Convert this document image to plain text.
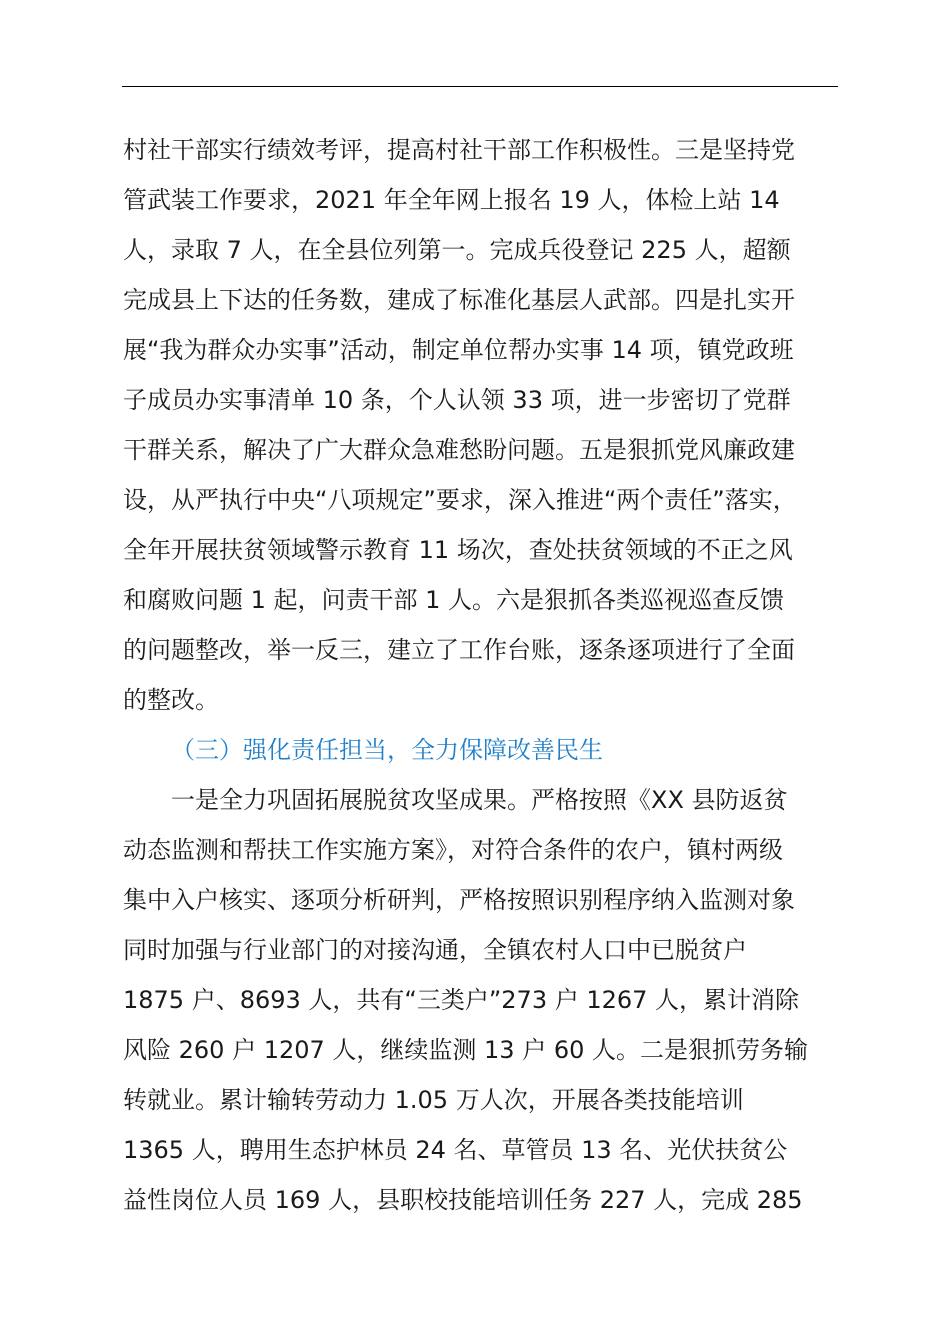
村社干部实行绩效考评，提高村社干部工作积极性。三是坚持党
管武装工作要求，2021 年全年网上报名 19 人，体检上站 14
人，录取 7 人，在全县位列第一。完成兵役登记 225 人，超额
完成县上下达的任务数，建成了标准化基层人武部。四是扎实开
展“我为群众办实事”活动，制定单位帮办实事 14 项，镇党政班
子成员办实事清单 10 条，个人认领 33 项，进一步密切了党群
干群关系，解决了广大群众急难愁盼问题。五是狠抓党风廉政建
设，从严执行中央“八项规定”要求，深入推进“两个责任”落实，
全年开展扶贫领域警示教育 11 场次，查处扶贫领域的不正之风
和腐败问题 1 起，问责干部 1 人。六是狠抓各类巡视巡查反馈
的问题整改，举一反三，建立了工作台账，逐条逐项进行了全面
的整改。
（三）强化责任担当，全力保障改善民生
一是全力巩固拓展脱贫攻坚成果。严格按照《XX 县防返贫
动态监测和帮扶工作实施方案》，对符合条件的农户，镇村两级
集中入户核实、逐项分析研判，严格按照识别程序纳入监测对象
同时加强与行业部门的对接沟通，全镇农村人口中已脱贫户
1875 户、8693 人，共有“三类户”273 户 1267 人，累计消除
风险 260 户 1207 人，继续监测 13 户 60 人。二是狠抓劳务输
转就业。累计输转劳动力 1.05 万人次，开展各类技能培训
1365 人，聘用生态护林员 24 名、草管员 13 名、光伏扶贫公
益性岗位人员 169 人，县职校技能培训任务 227 人，完成 285
